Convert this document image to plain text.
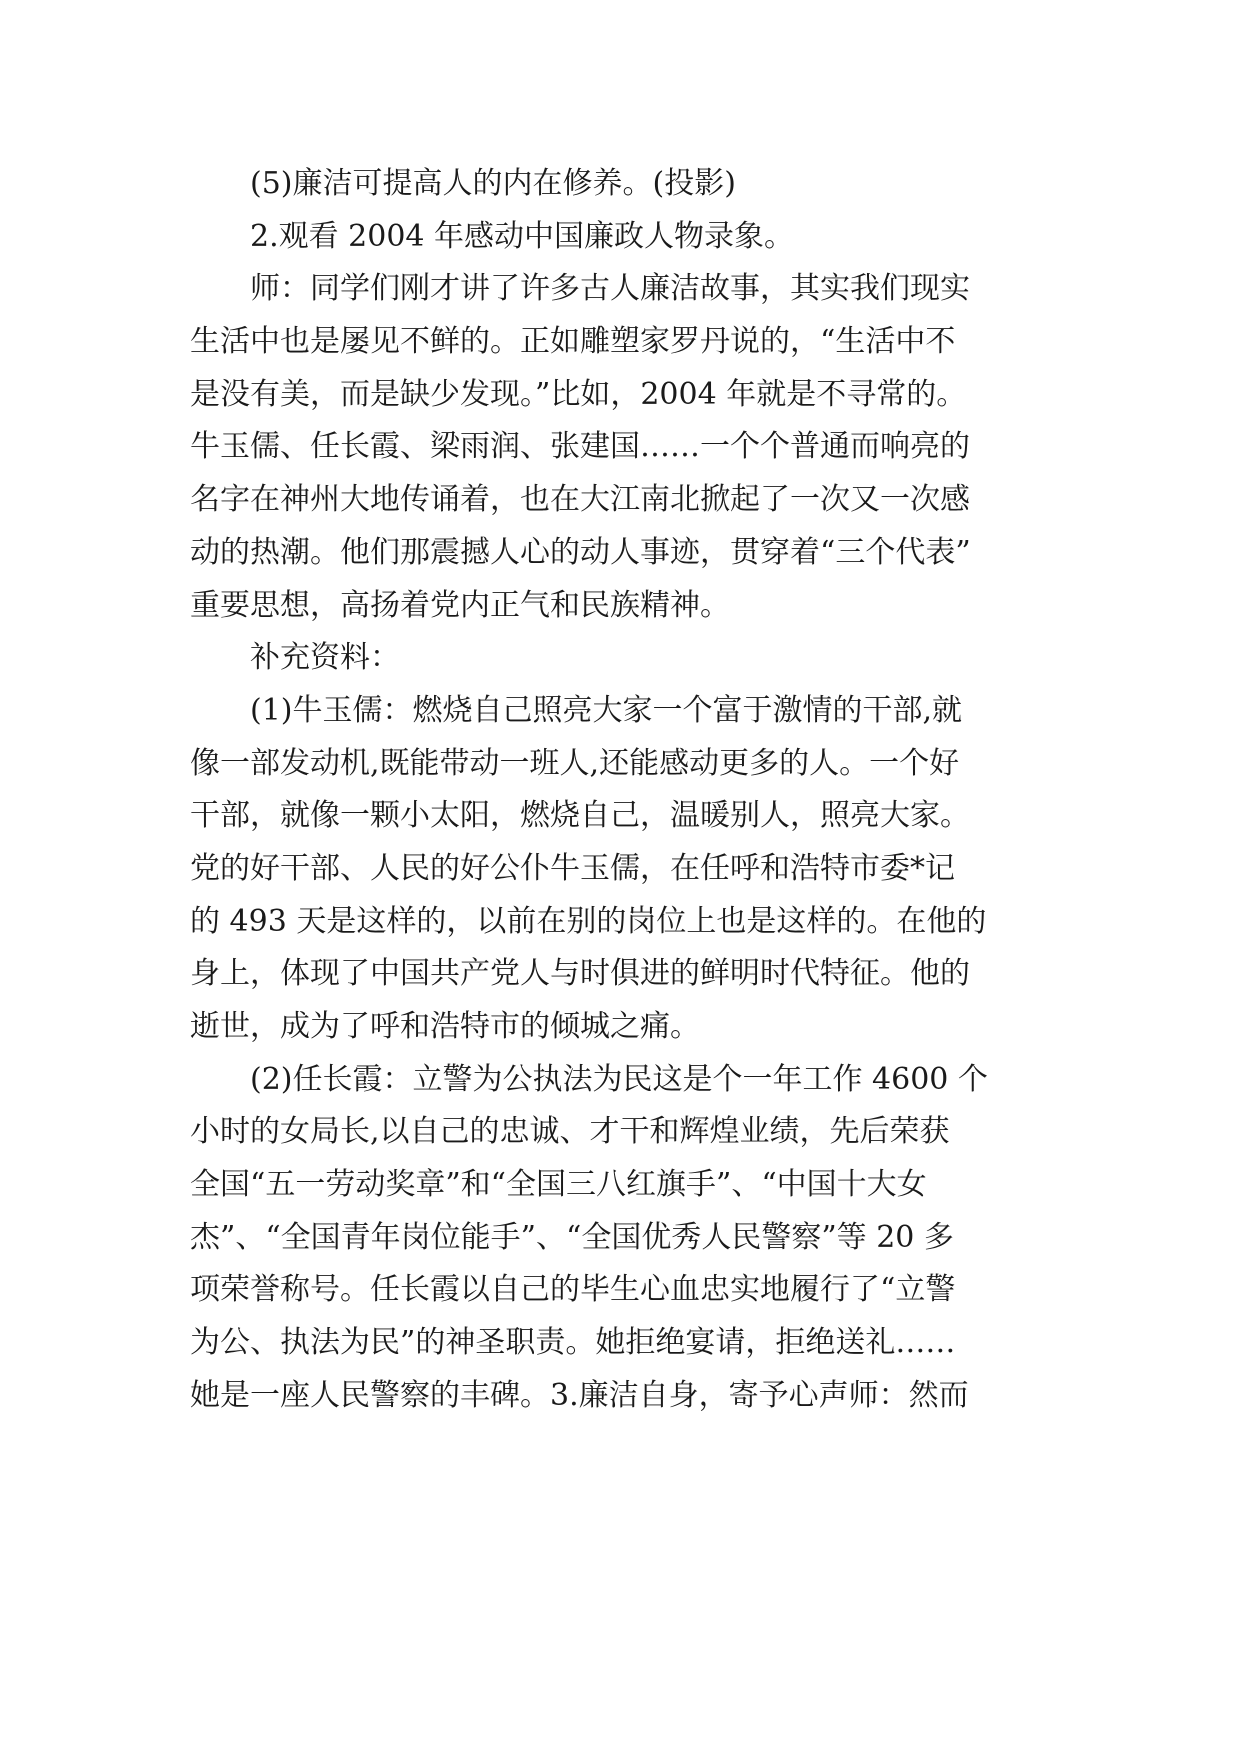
(5)廉洁可提高人的内在修养。(投影)
2.观看 2004 年感动中国廉政人物录象。
师：同学们刚才讲了许多古人廉洁故事，其实我们现实
生活中也是屡见不鲜的。正如雕塑家罗丹说的，“生活中不
是没有美，而是缺少发现。”比如，2004 年就是不寻常的。
牛玉儒、任长霞、梁雨润、张建国……一个个普通而响亮的
名字在神州大地传诵着，也在大江南北掀起了一次又一次感
动的热潮。他们那震撼人心的动人事迹，贯穿着“三个代表”
重要思想，高扬着党内正气和民族精神。
补充资料：
(1)牛玉儒：燃烧自己照亮大家一个富于激情的干部,就
像一部发动机,既能带动一班人,还能感动更多的人。一个好
干部，就像一颗小太阳，燃烧自己，温暖别人，照亮大家。
党的好干部、人民的好公仆牛玉儒，在任呼和浩特市委*记
的 493 天是这样的，以前在别的岗位上也是这样的。在他的
身上，体现了中国共产党人与时俱进的鲜明时代特征。他的
逝世，成为了呼和浩特市的倾城之痛。
(2)任长霞：立警为公执法为民这是个一年工作 4600 个
小时的女局长,以自己的忠诚、才干和辉煌业绩，先后荣获
全国“五一劳动奖章”和“全国三八红旗手”、“中国十大女
杰”、“全国青年岗位能手”、“全国优秀人民警察”等 20 多
项荣誉称号。任长霞以自己的毕生心血忠实地履行了“立警
为公、执法为民”的神圣职责。她拒绝宴请，拒绝送礼……
她是一座人民警察的丰碑。3.廉洁自身，寄予心声师：然而
